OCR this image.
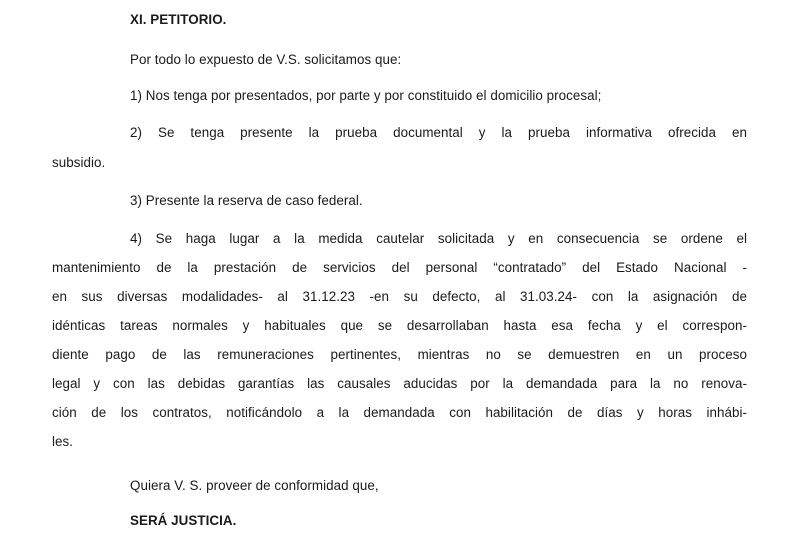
XI. PETITORIO.
Por todo lo expuesto de V.S. solicitamos que:
1) Nos tenga por presentados, por parte y por constituido el domicilio procesal;
2) Se tenga presente la prueba documental y la prueba informativa ofrecida en
subsidio.
3) Presente la reserva de caso federal.
4) Se haga lugar a la medida cautelar solicitada y en consecuencia se ordene el
mantenimiento de la prestación de servicios del personal “contratado” del Estado Nacional -
en sus diversas modalidades- al 31.12.23 -en su defecto, al 31.03.24- con la asignación de
idénticas tareas normales y habituales que se desarrollaban hasta esa fecha y el correspon-
diente pago de las remuneraciones pertinentes, mientras no se demuestren en un proceso
legal y con las debidas garantías las causales aducidas por la demandada para la no renova-
ción de los contratos, notificándolo a la demandada con habilitación de días y horas inhábi-
les.
Quiera V. S. proveer de conformidad que,
SERÁ JUSTICIA.
